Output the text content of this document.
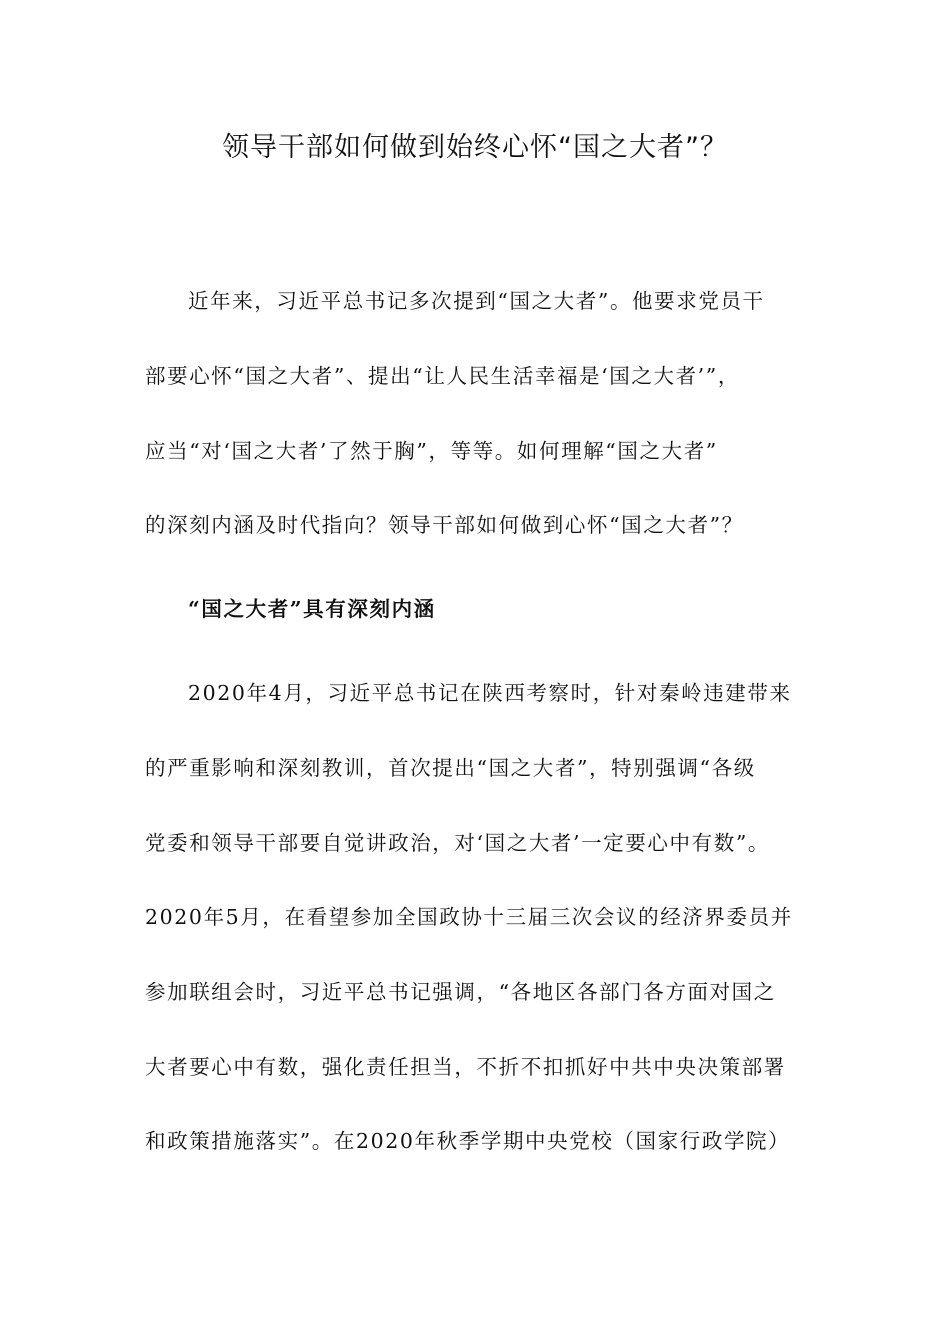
领导干部如何做到始终心怀“国之大者”？
近年来，习近平总书记多次提到“国之大者”。他要求党员干
部要心怀“国之大者”、提出“让人民生活幸福是‘国之大者’”，
应当“对‘国之大者’了然于胸”，等等。如何理解“国之大者”
的深刻内涵及时代指向？领导干部如何做到心怀“国之大者”？
“国之大者”具有深刻内涵
2020年4月，习近平总书记在陕西考察时，针对秦岭违建带来
的严重影响和深刻教训，首次提出“国之大者”，特别强调“各级
党委和领导干部要自觉讲政治，对‘国之大者’一定要心中有数”。
2020年5月，在看望参加全国政协十三届三次会议的经济界委员并
参加联组会时，习近平总书记强调，“各地区各部门各方面对国之
大者要心中有数，强化责任担当，不折不扣抓好中共中央决策部署
和政策措施落实”。在2020年秋季学期中央党校（国家行政学院）
